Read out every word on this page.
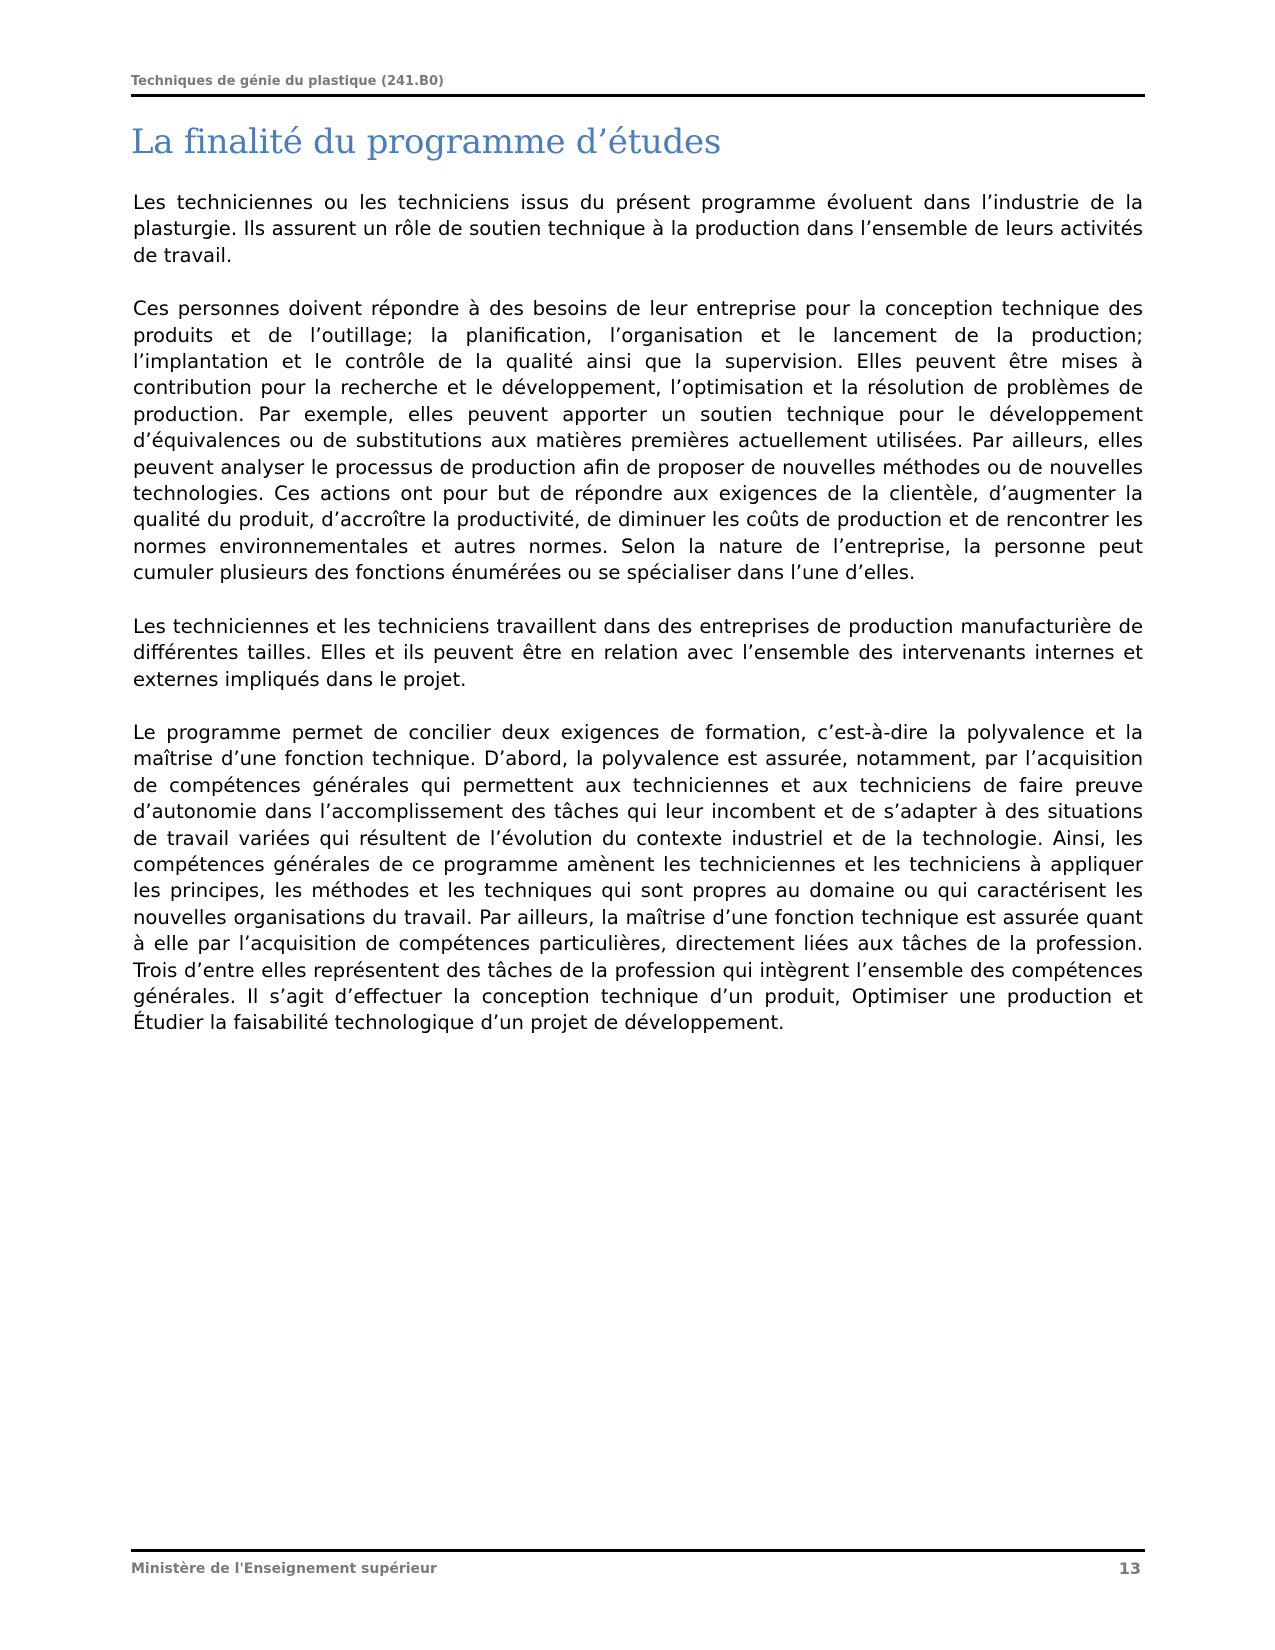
Techniques de génie du plastique (241.B0)
La finalité du programme d’études

Les techniciennes ou les techniciens issus du présent programme évoluent dans l’industrie de la plasturgie. Ils assurent un rôle de soutien technique à la production dans l’ensemble de leurs activités de travail.

Ces personnes doivent répondre à des besoins de leur entreprise pour la conception technique des produits et de l’outillage; la planification, l’organisation et le lancement de la production; l’implantation et le contrôle de la qualité ainsi que la supervision. Elles peuvent être mises à contribution pour la recherche et le développement, l’optimisation et la résolution de problèmes de production. Par exemple, elles peuvent apporter un soutien technique pour le développement d’équivalences ou de substitutions aux matières premières actuellement utilisées. Par ailleurs, elles peuvent analyser le processus de production afin de proposer de nouvelles méthodes ou de nouvelles technologies. Ces actions ont pour but de répondre aux exigences de la clientèle, d’augmenter la qualité du produit, d’accroître la productivité, de diminuer les coûts de production et de rencontrer les normes environnementales et autres normes. Selon la nature de l’entreprise, la personne peut cumuler plusieurs des fonctions énumérées ou se spécialiser dans l’une d’elles.

Les techniciennes et les techniciens travaillent dans des entreprises de production manufacturière de différentes tailles. Elles et ils peuvent être en relation avec l’ensemble des intervenants internes et externes impliqués dans le projet.

Le programme permet de concilier deux exigences de formation, c’est-à-dire la polyvalence et la maîtrise d’une fonction technique. D’abord, la polyvalence est assurée, notamment, par l’acquisition de compétences générales qui permettent aux techniciennes et aux techniciens de faire preuve d’autonomie dans l’accomplissement des tâches qui leur incombent et de s’adapter à des situations de travail variées qui résultent de l’évolution du contexte industriel et de la technologie. Ainsi, les compétences générales de ce programme amènent les techniciennes et les techniciens à appliquer les principes, les méthodes et les techniques qui sont propres au domaine ou qui caractérisent les nouvelles organisations du travail. Par ailleurs, la maîtrise d’une fonction technique est assurée quant à elle par l’acquisition de compétences particulières, directement liées aux tâches de la profession. Trois d’entre elles représentent des tâches de la profession qui intègrent l’ensemble des compétences générales. Il s’agit d’effectuer la conception technique d’un produit, Optimiser une production et Étudier la faisabilité technologique d’un projet de développement.

Ministère de l'Enseignement supérieur	13
